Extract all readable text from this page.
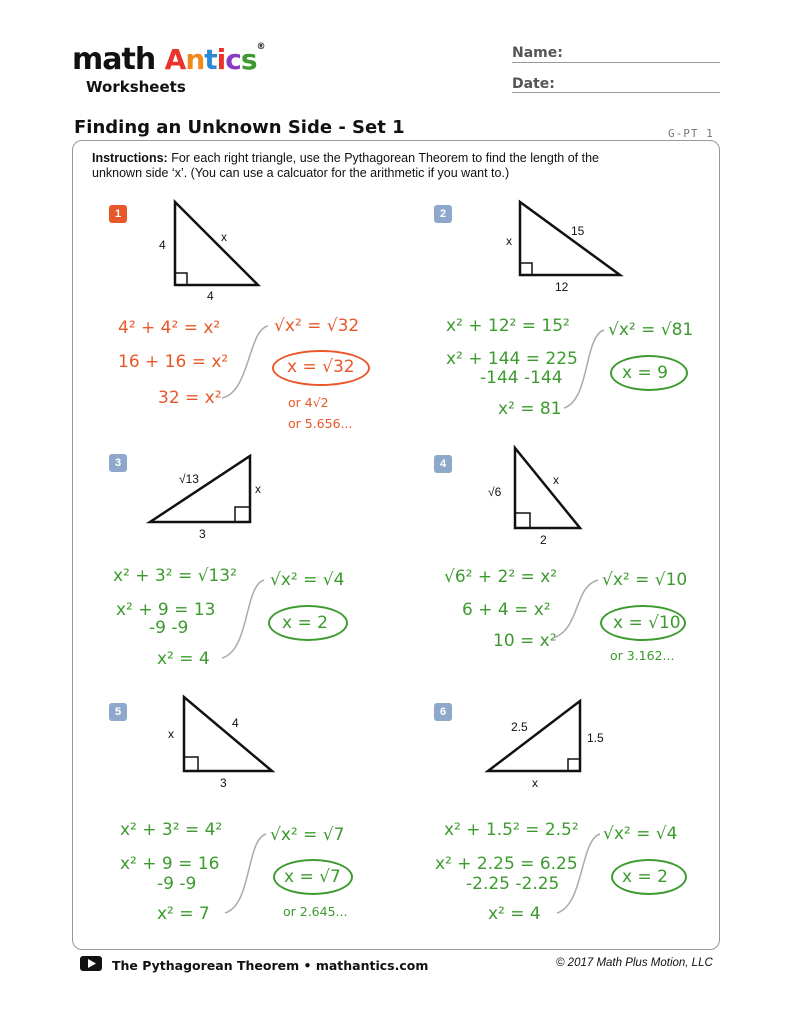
math Antics®
Worksheets
Name:
Date:
Finding an Unknown Side - Set 1	G-PT 1
Instructions: For each right triangle, use the Pythagorean Theorem to find the length of the unknown side ‘x’. (You can use a calcuator for the arithmetic if you want to.)
1
4
x
4
4² + 4² = x²
16 + 16 = x²
32 = x²
√x² = √32
x = √32
or 4√2
or 5.656...
2
x
15
12
x² + 12² = 15²
x² + 144 = 225
-144 -144
x² = 81
√x² = √81
x = 9
3
√13
x
3
x² + 3² = √13²
x² + 9 = 13
-9 -9
x² = 4
√x² = √4
x = 2
4
√6
x
2
√6² + 2² = x²
6 + 4 = x²
10 = x²
√x² = √10
x = √10
or 3.162...
5
x
4
3
x² + 3² = 4²
x² + 9 = 16
-9 -9
x² = 7
√x² = √7
x = √7
or 2.645...
6
2.5
1.5
x
x² + 1.5² = 2.5²
x² + 2.25 = 6.25
-2.25 -2.25
x² = 4
√x² = √4
x = 2
The Pythagorean Theorem • mathantics.com	© 2017 Math Plus Motion, LLC
